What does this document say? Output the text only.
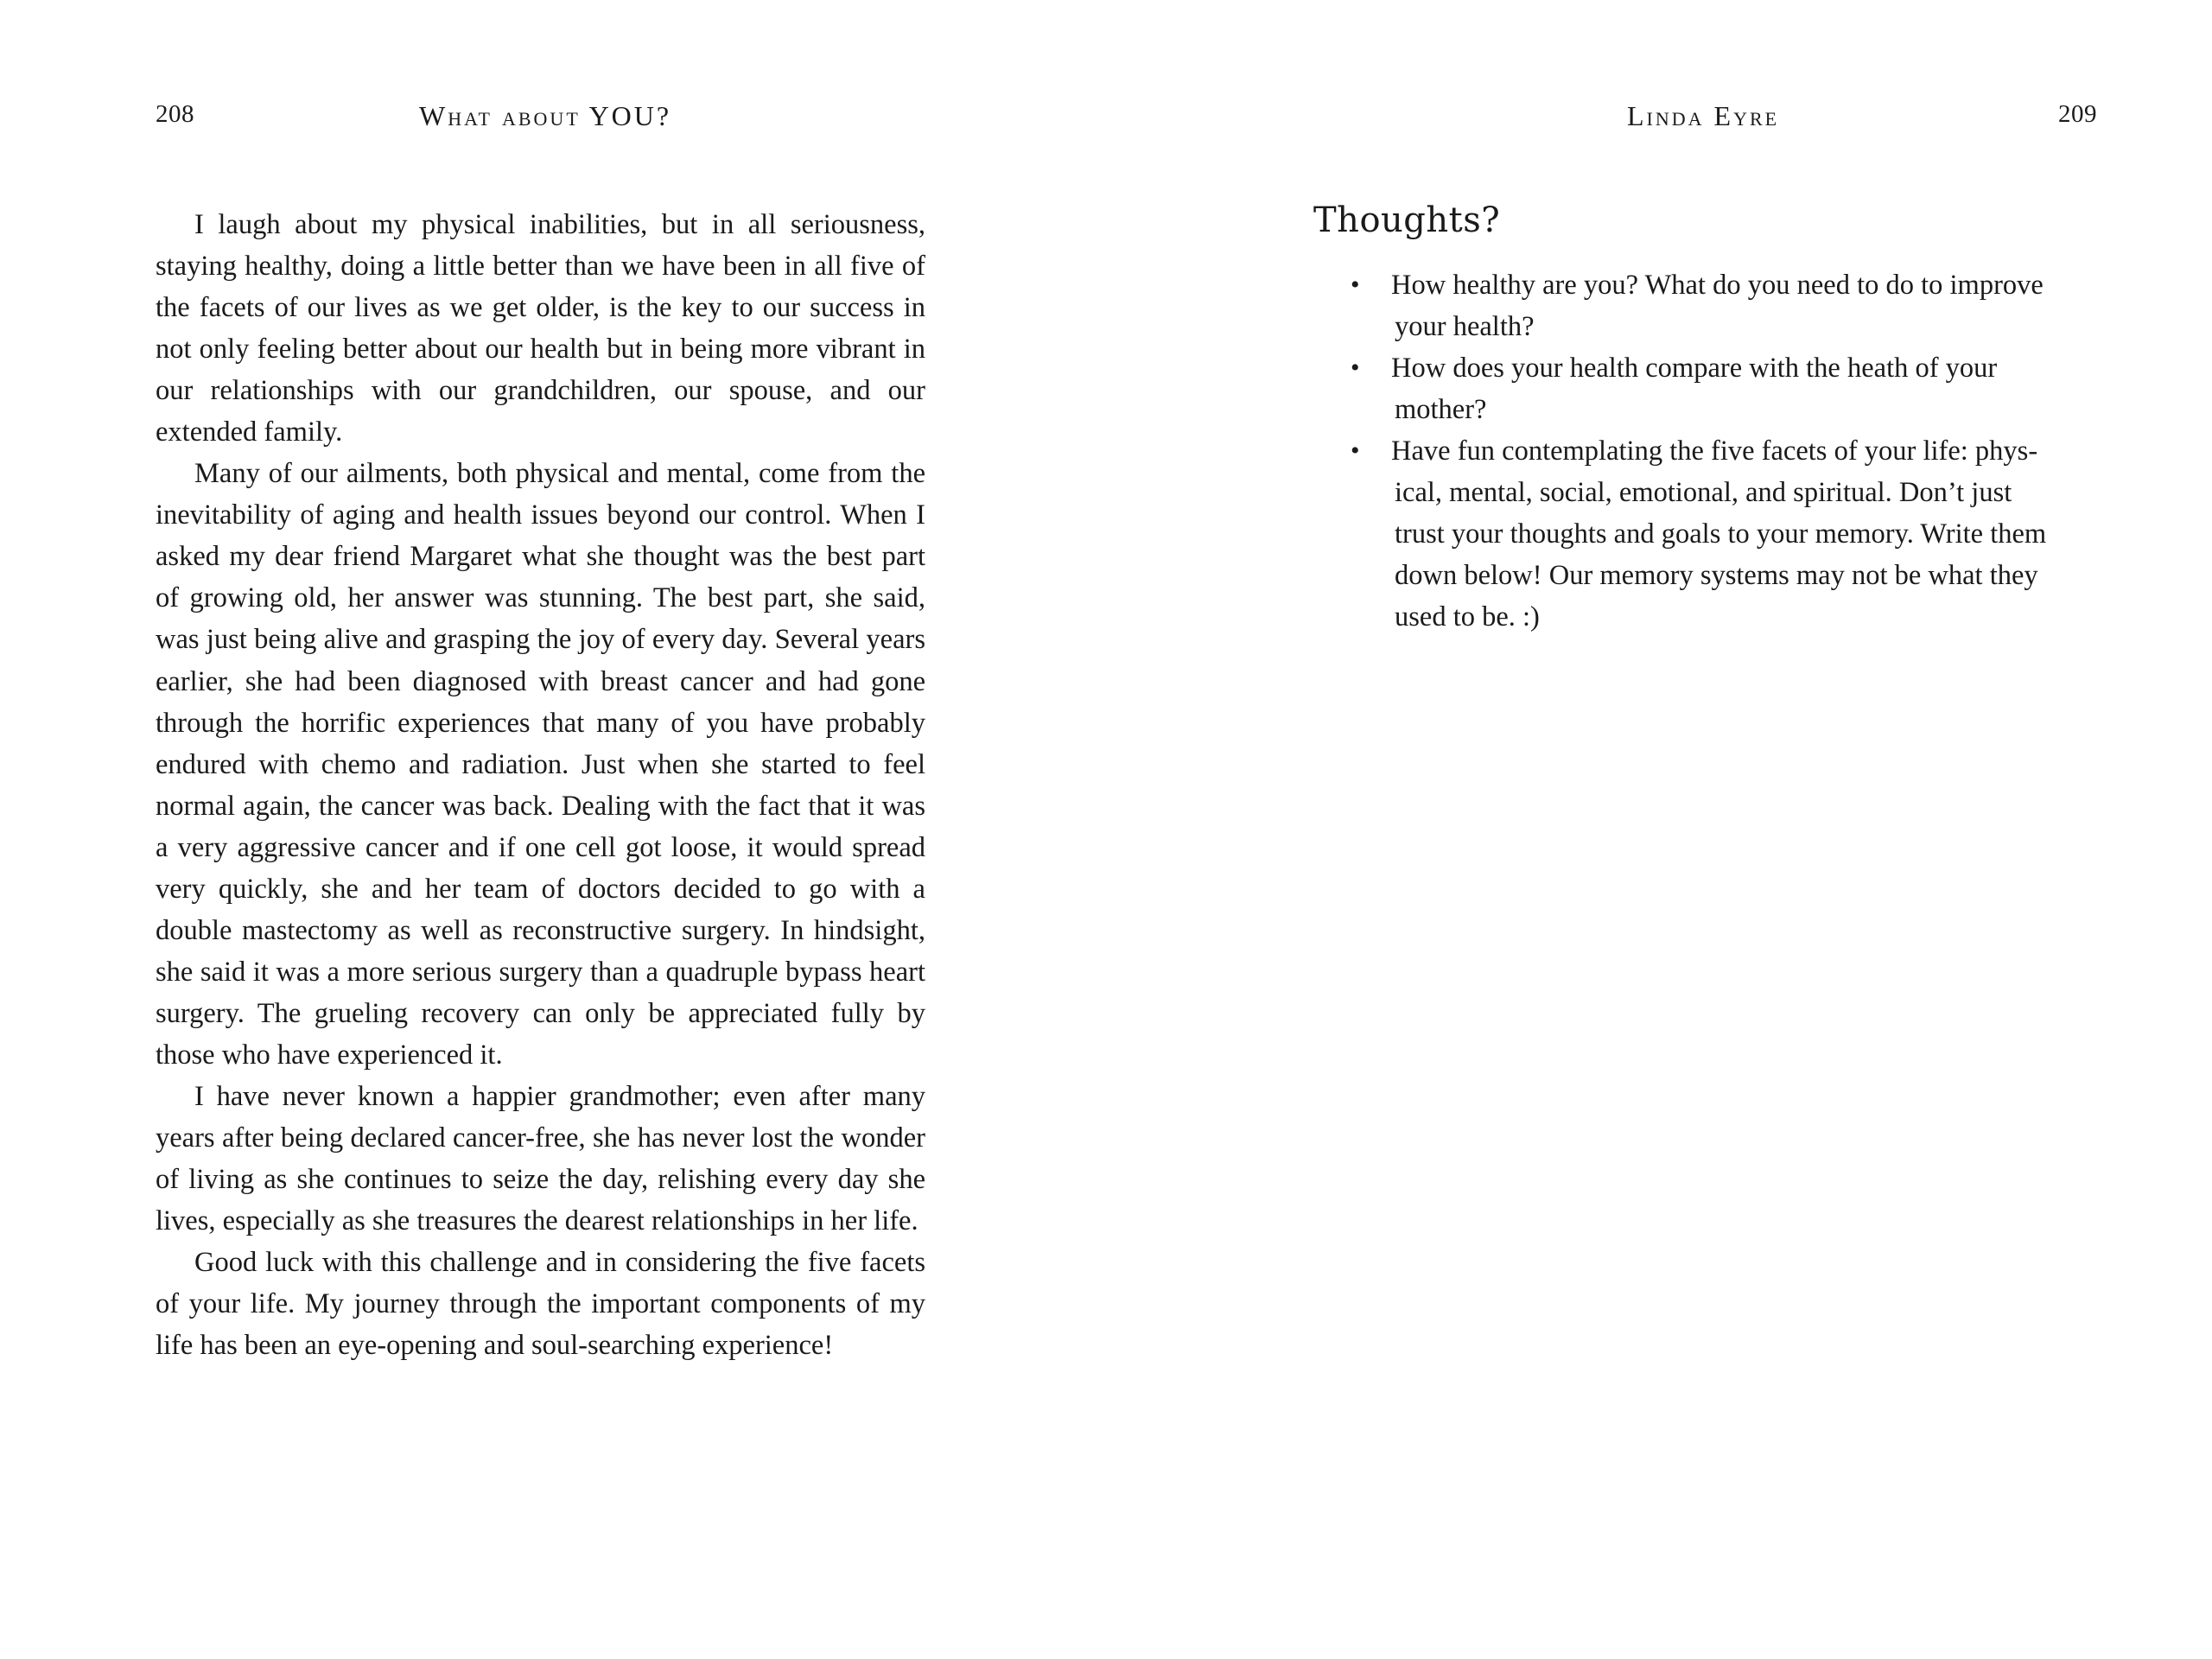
208	What about YOU?

I laugh about my physical inabilities, but in all seriousness, staying healthy, doing a little better than we have been in all five of the facets of our lives as we get older, is the key to our success in not only feeling better about our health but in being more vibrant in our relationships with our grandchildren, our spouse, and our extended family.

Many of our ailments, both physical and mental, come from the inevitability of aging and health issues beyond our control. When I asked my dear friend Margaret what she thought was the best part of growing old, her answer was stunning. The best part, she said, was just being alive and grasping the joy of every day. Several years earlier, she had been diagnosed with breast cancer and had gone through the horrific experiences that many of you have probably endured with chemo and radiation. Just when she started to feel normal again, the cancer was back. Dealing with the fact that it was a very aggressive cancer and if one cell got loose, it would spread very quickly, she and her team of doctors decided to go with a double mastectomy as well as reconstructive surgery. In hindsight, she said it was a more serious surgery than a quadruple bypass heart surgery. The grueling recovery can only be appreciated fully by those who have experienced it.

I have never known a happier grandmother; even after many years after being declared cancer-free, she has never lost the wonder of living as she continues to seize the day, relishing every day she lives, especially as she treasures the dearest relationships in her life.

Good luck with this challenge and in considering the five facets of your life. My journey through the important components of my life has been an eye-opening and soul-searching experience!

Linda Eyre	209
Thoughts?
• How healthy are you? What do you need to do to improve your health?
• How does your health compare with the heath of your mother?
• Have fun contemplating the five facets of your life: physical, mental, social, emotional, and spiritual. Don’t just trust your thoughts and goals to your memory. Write them down below! Our memory systems may not be what they used to be. :)
